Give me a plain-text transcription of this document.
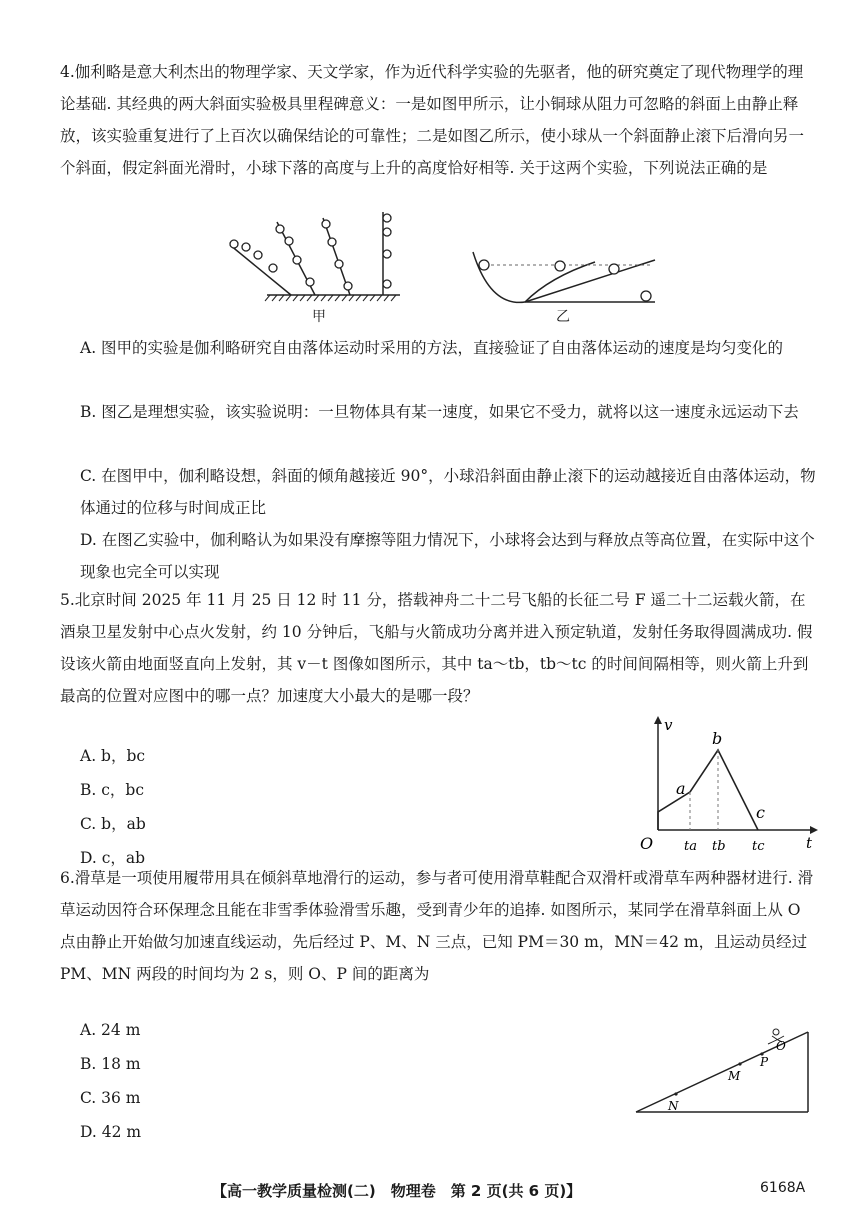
4.伽利略是意大利杰出的物理学家、天文学家，作为近代科学实验的先驱者，他的研究奠定了现代物理学的理论基础. 其经典的两大斜面实验极具里程碑意义：一是如图甲所示，让小铜球从阻力可忽略的斜面上由静止释放，该实验重复进行了上百次以确保结论的可靠性；二是如图乙所示，使小球从一个斜面静止滚下后滑向另一个斜面，假定斜面光滑时，小球下落的高度与上升的高度恰好相等. 关于这两个实验，下列说法正确的是

甲	乙

A. 图甲的实验是伽利略研究自由落体运动时采用的方法，直接验证了自由落体运动的速度是均匀变化的

B. 图乙是理想实验，该实验说明：一旦物体具有某一速度，如果它不受力，就将以这一速度永远运动下去

C. 在图甲中，伽利略设想，斜面的倾角越接近 90°，小球沿斜面由静止滚下的运动越接近自由落体运动，物体通过的位移与时间成正比

D. 在图乙实验中，伽利略认为如果没有摩擦等阻力情况下，小球将会达到与释放点等高位置，在实际中这个现象也完全可以实现

5.北京时间 2025 年 11 月 25 日 12 时 11 分，搭载神舟二十二号飞船的长征二号 F 遥二十二运载火箭，在酒泉卫星发射中心点火发射，约 10 分钟后，飞船与火箭成功分离并进入预定轨道，发射任务取得圆满成功. 假设该火箭由地面竖直向上发射，其 v－t 图像如图所示，其中 ta～tb，tb～tc 的时间间隔相等，则火箭上升到最高的位置对应图中的哪一点？加速度大小最大的是哪一段？

A. b，bc

B. c，bc

C. b，ab

D. c，ab

v
t
O
a
b
c
ta tb tc

6.滑草是一项使用履带用具在倾斜草地滑行的运动，参与者可使用滑草鞋配合双滑杆或滑草车两种器材进行. 滑草运动因符合环保理念且能在非雪季体验滑雪乐趣，受到青少年的追捧. 如图所示，某同学在滑草斜面上从 O 点由静止开始做匀加速直线运动，先后经过 P、M、N 三点，已知 PM＝30 m，MN＝42 m，且运动员经过 PM、MN 两段的时间均为 2 s，则 O、P 间的距离为

A. 24 m

B. 18 m

C. 36 m

D. 42 m

O
P
M
N
【高一教学质量检测(二)　物理卷　第 2 页(共 6 页)】	6168A
